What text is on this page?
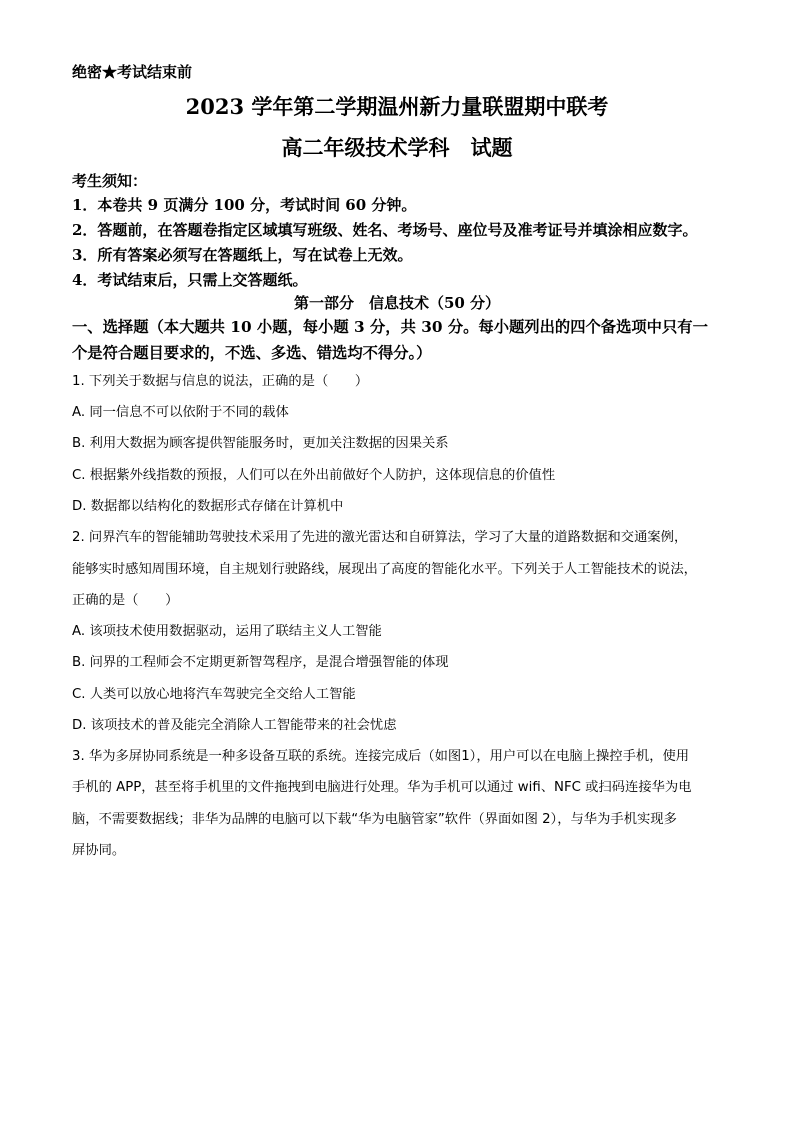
绝密★考试结束前
2023 学年第二学期温州新力量联盟期中联考
高二年级技术学科　试题
考生须知：
1．本卷共 9 页满分 100 分，考试时间 60 分钟。
2．答题前，在答题卷指定区域填写班级、姓名、考场号、座位号及准考证号并填涂相应数字。
3．所有答案必须写在答题纸上，写在试卷上无效。
4．考试结束后，只需上交答题纸。
第一部分　信息技术（50 分）
一、选择题（本大题共 10 小题，每小题 3 分，共 30 分。每小题列出的四个备选项中只有一
个是符合题目要求的，不选、多选、错选均不得分。）
1. 下列关于数据与信息的说法，正确的是（　　）
A. 同一信息不可以依附于不同的载体
B. 利用大数据为顾客提供智能服务时，更加关注数据的因果关系
C. 根据紫外线指数的预报，人们可以在外出前做好个人防护，这体现信息的价值性
D. 数据都以结构化的数据形式存储在计算机中
2. 问界汽车的智能辅助驾驶技术采用了先进的激光雷达和自研算法，学习了大量的道路数据和交通案例，
能够实时感知周围环境，自主规划行驶路线，展现出了高度的智能化水平。下列关于人工智能技术的说法，
正确的是（　　）
A. 该项技术使用数据驱动，运用了联结主义人工智能
B. 问界的工程师会不定期更新智驾程序，是混合增强智能的体现
C. 人类可以放心地将汽车驾驶完全交给人工智能
D. 该项技术的普及能完全消除人工智能带来的社会忧虑
3. 华为多屏协同系统是一种多设备互联的系统。连接完成后（如图1），用户可以在电脑上操控手机，使用
手机的 APP，甚至将手机里的文件拖拽到电脑进行处理。华为手机可以通过 wifi、NFC 或扫码连接华为电
脑，不需要数据线；非华为品牌的电脑可以下载“华为电脑管家”软件（界面如图 2），与华为手机实现多
屏协同。
